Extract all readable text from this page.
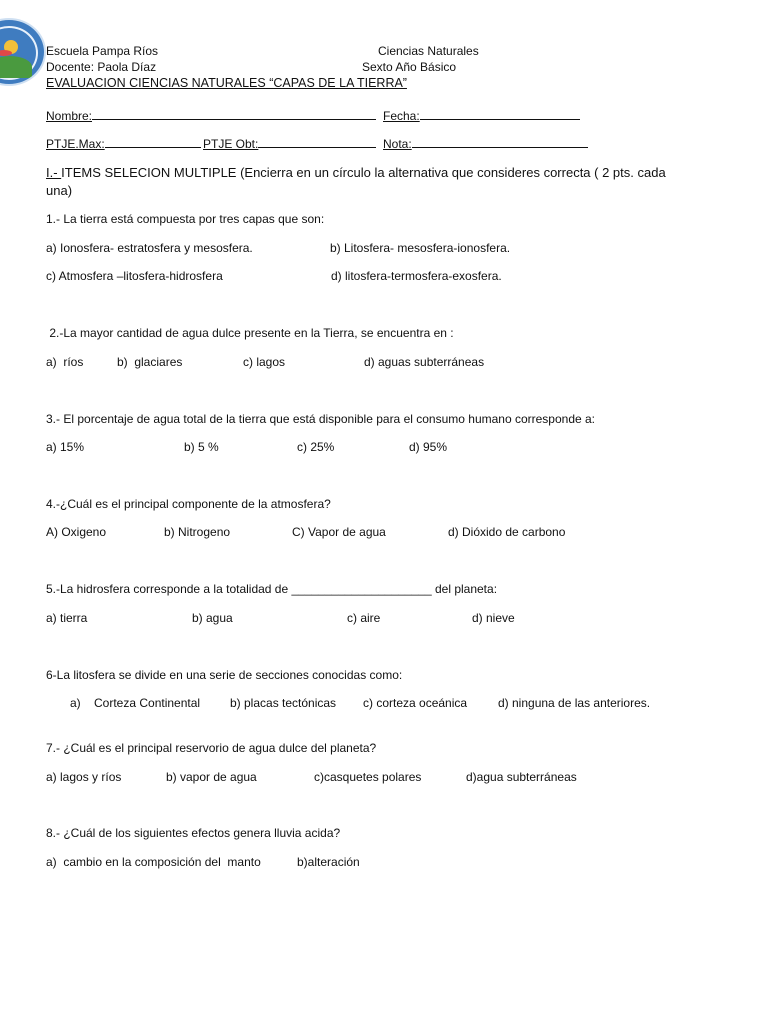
Escuela Pampa Ríos	Ciencias Naturales
Docente: Paola Díaz	Sexto Año Básico
EVALUACION CIENCIAS NATURALES “CAPAS DE LA TIERRA”
Nombre:	Fecha:
PTJE.Max:	PTJE Obt:	Nota:
I.- ITEMS SELECION MULTIPLE (Encierra en un círculo la alternativa que consideres correcta ( 2 pts. cada
una)
1.- La tierra está compuesta por tres capas que son:
a) Ionosfera- estratosfera y mesosfera.	b) Litosfera- mesosfera-ionosfera.
c) Atmosfera –litosfera-hidrosfera	d) litosfera-termosfera-exosfera.
2.-La mayor cantidad de agua dulce presente en la Tierra, se encuentra en :
a)  ríos	b)  glaciares	c) lagos	d) aguas subterráneas
3.- El porcentaje de agua total de la tierra que está disponible para el consumo humano corresponde a:
a) 15%	b) 5 %	c) 25%	d) 95%
4.-¿Cuál es el principal componente de la atmosfera?
A) Oxigeno	b) Nitrogeno	C) Vapor de agua	d) Dióxido de carbono
5.-La hidrosfera corresponde a la totalidad de _____________________ del planeta:
a) tierra	b) agua	c) aire	d) nieve
6-La litosfera se divide en una serie de secciones conocidas como:
a)    Corteza Continental b) placas tectónicas c) corteza oceánica	d) ninguna de las anteriores.
7.- ¿Cuál es el principal reservorio de agua dulce del planeta?
a) lagos y ríos	b) vapor de agua	c)casquetes polares	d)agua subterráneas
8.- ¿Cuál de los siguientes efectos genera lluvia acida?
a)  cambio en la composición del  manto	b)alteración
